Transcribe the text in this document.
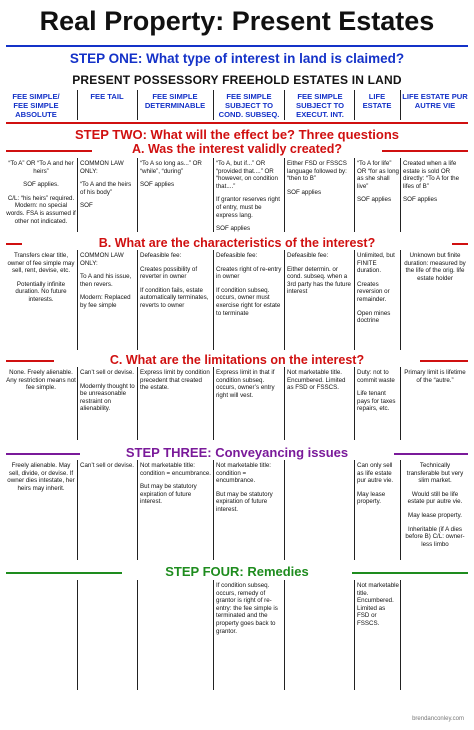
Real Property: Present Estates
STEP ONE: What type of interest in land is claimed?
PRESENT POSSESSORY FREEHOLD ESTATES IN LAND
FEE SIMPLE/ FEE SIMPLE ABSOLUTE
FEE TAIL	FEE SIMPLE DETERMINABLE
FEE SIMPLE SUBJECT TO COND. SUBSEQ.
FEE SIMPLE SUBJECT TO EXECUT. INT.
LIFE ESTATE
LIFE ESTATE PUR AUTRE VIE
STEP TWO: What will the effect be? Three questions
A. Was the interest validly created?
B. What are the characteristics of the interest?
C. What are the limitations on the interest?
STEP THREE: Conveyancing issues
STEP FOUR: Remedies

“To A” OR “To A and her heirs”

SOF applies.

C/L: “his heirs” required. Modern: no special words. FSA is assumed if other not indicated.

COMMON LAW ONLY:

“To A and the heirs of his body”

SOF

“To A so long as...” OR “while”, “during”

SOF applies

“To A, but if...” OR “provided that....” OR “however, on condition that....”

If grantor reserves right of entry, must be express lang.

SOF applies

Either FSD or FSSCS language followed by: “then to B”

SOF applies

“To A for life” OR “for as long as she shall live”

SOF applies

Created when a life estate is sold OR directly: “To A for the lifes of B”

SOF applies

Transfers clear title, owner of fee simple may sell, rent, devise, etc.

Potentially infinite duration. No future interests.

COMMON LAW ONLY:

To A and his issue, then revers.

Modern: Replaced by fee simple

Defeasible fee:

Creates possibility of reverter in owner

If condition fails, estate automatically terminates, reverts to owner

Defeasible fee:

Creates right of re-entry in owner

If condition subseq. occurs, owner must exercise right for estate to terminate

Defeasible fee:

Either determin. or cond. subseq. when a 3rd party has the future interest

Unlimited, but FINITE duration.

Creates reversion or remainder.

Open mines doctrine

Unknown but finite duration: measured by the life of the orig. life estate holder

None. Freely alienable. Any restriction means not fee simple.

Can’t sell or devise.

Modernly thought to be unreasonable restraint on alienability.

Express limit by condition precedent that created the estate.

Express limit in that if condition subseq. occurs, owner’s entry right will vest.

Not marketable title. Encumbered. Limited as FSD or FSSCS.

Duty: not to commit waste

Life tenant pays for taxes repairs, etc.

Primary limit is lifetime of the “autre.”

Freely alienable. May sell, divide, or devise. If owner dies intestate, her heirs may inherit.

Can’t sell or devise. Not marketable title: condition = encumbrance.

But may be statutory expiration of future interest.

Not marketable title: condition = encumbrance.

But may be statutory expiration of future interest.

Can only sell as life estate pur autre vie.

May lease property.

Technically transferable but very slim market.

Would still be life estate pur autre vie.

May lease property.

Inheritable (if A dies before B) C/L: owner-less limbo

If condition subseq. occurs, remedy of grantor is right of re-entry: the fee simple is terminated and the property goes back to grantor.

Not marketable title. Encumbered. Limited as FSD or FSSCS.

brendanconley.com
